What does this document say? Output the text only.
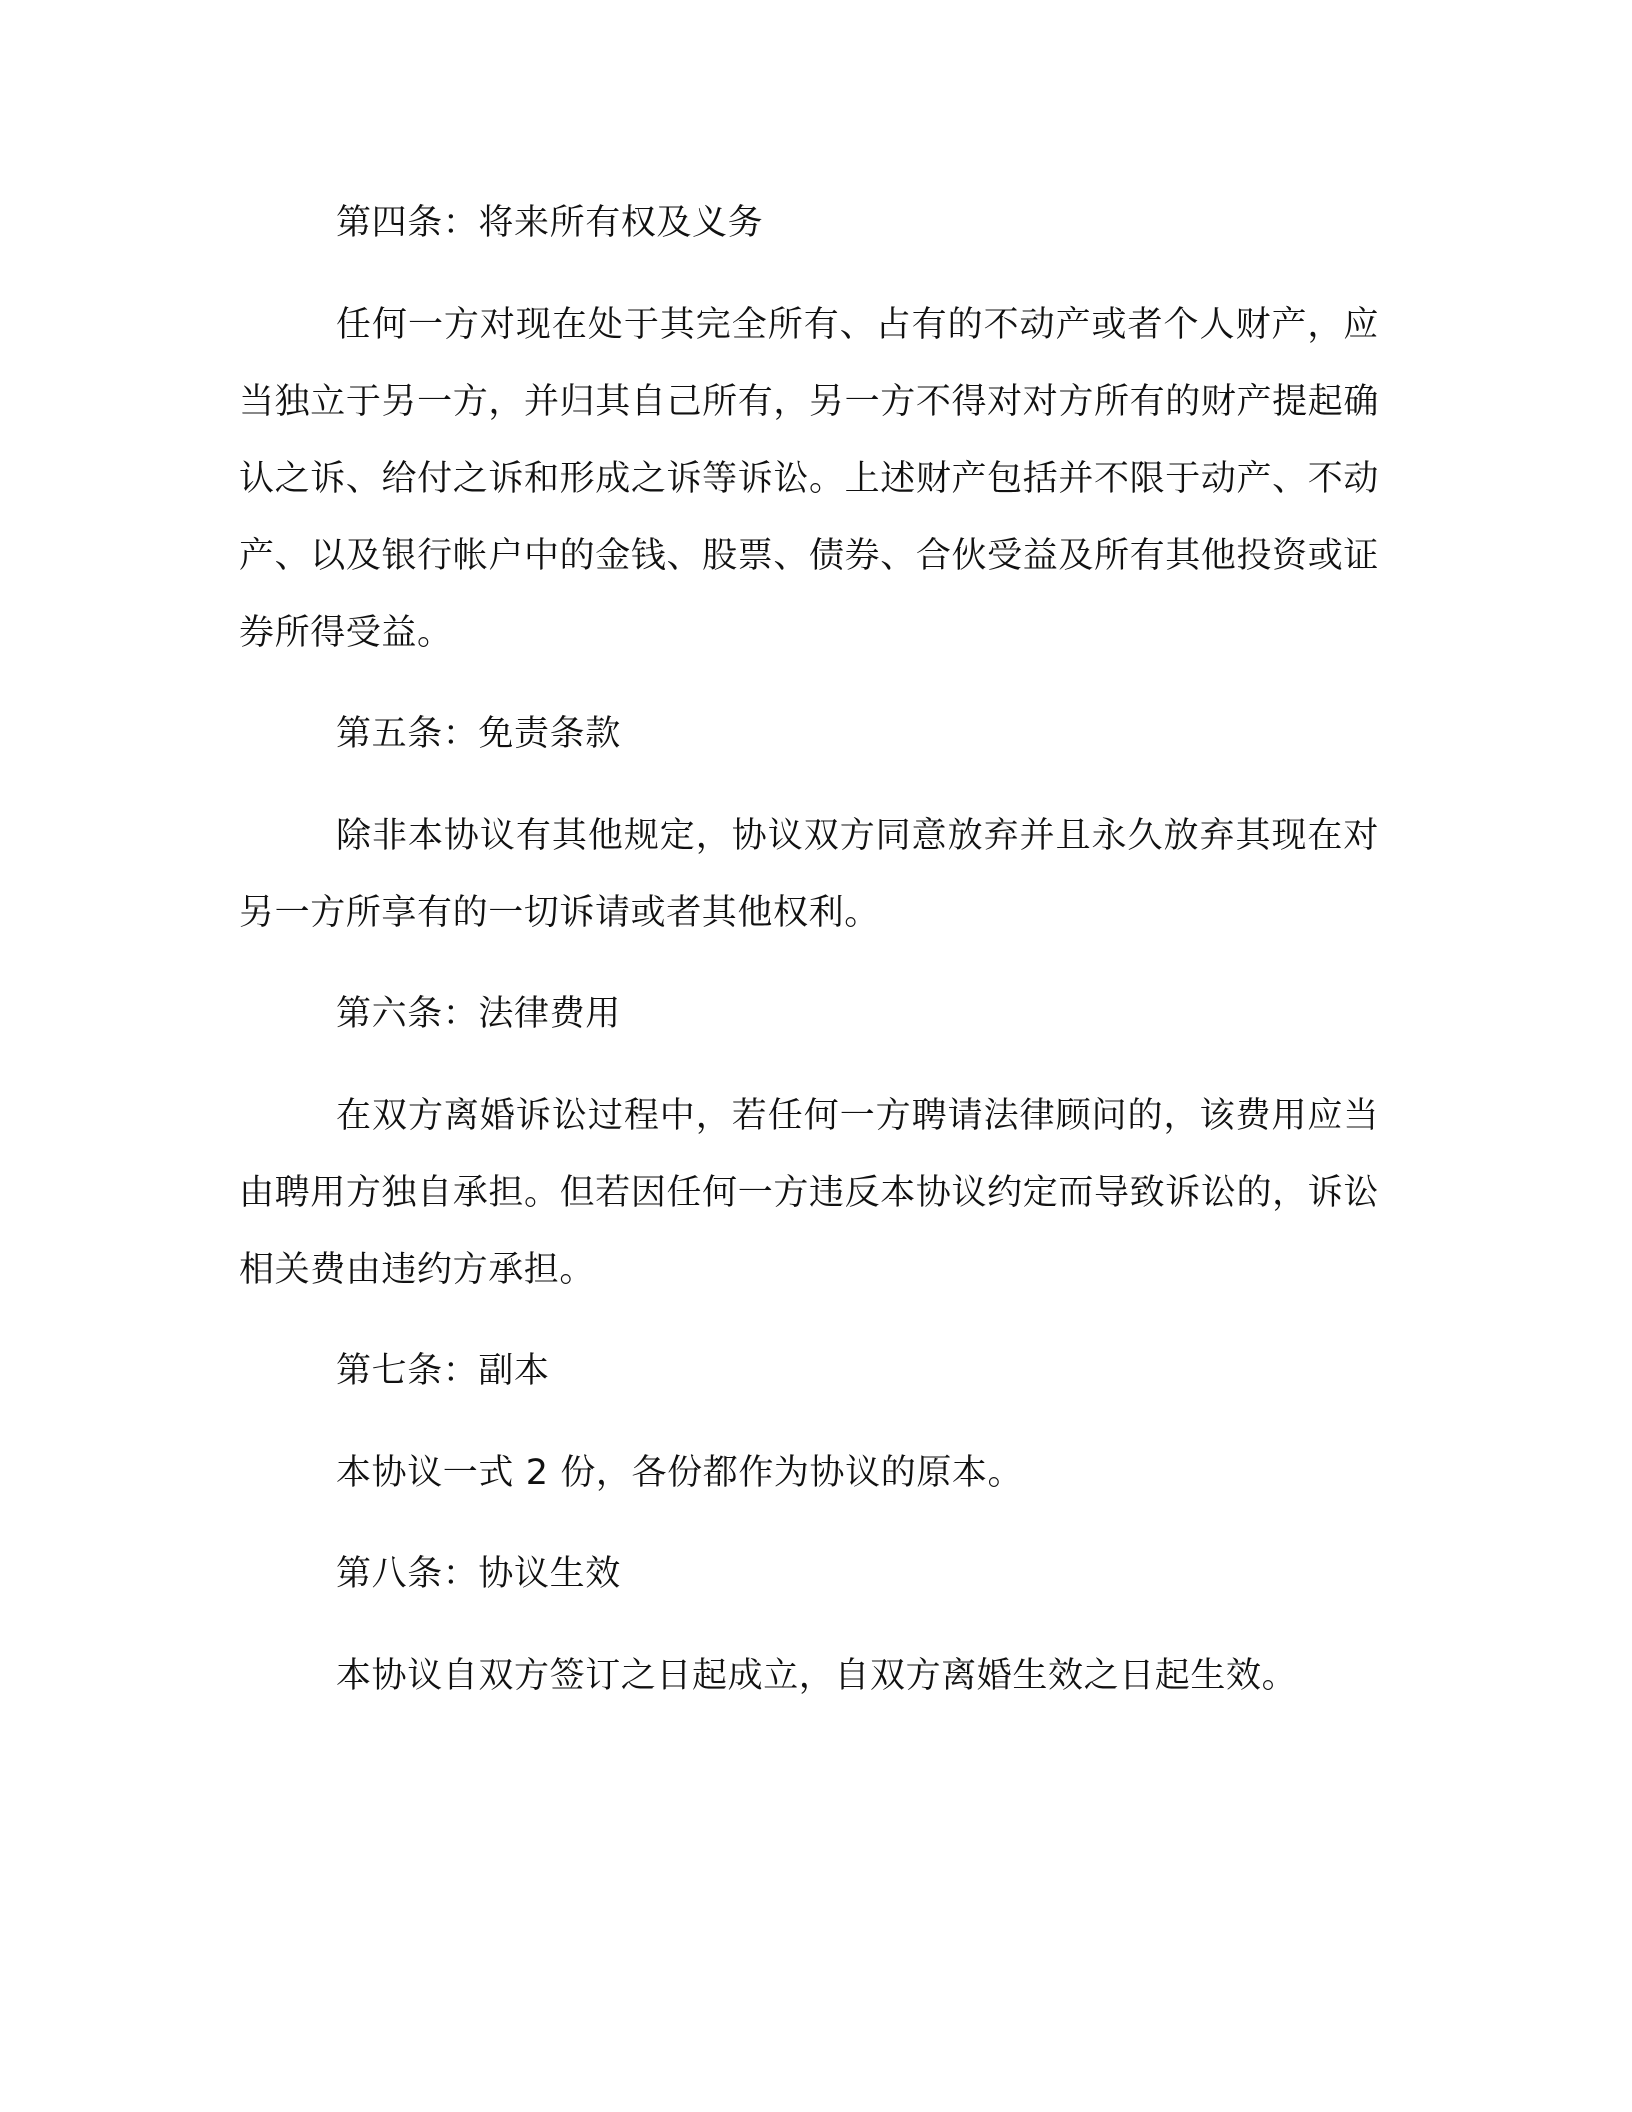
第四条：将来所有权及义务

任何一方对现在处于其完全所有、占有的不动产或者个人财产，应当独立于另一方，并归其自己所有，另一方不得对对方所有的财产提起确认之诉、给付之诉和形成之诉等诉讼。上述财产包括并不限于动产、不动产、以及银行帐户中的金钱、股票、债券、合伙受益及所有其他投资或证券所得受益。

第五条：免责条款

除非本协议有其他规定，协议双方同意放弃并且永久放弃其现在对另一方所享有的一切诉请或者其他权利。

第六条：法律费用

在双方离婚诉讼过程中，若任何一方聘请法律顾问的，该费用应当由聘用方独自承担。但若因任何一方违反本协议约定而导致诉讼的，诉讼相关费由违约方承担。

第七条：副本

本协议一式 2 份，各份都作为协议的原本。

第八条：协议生效

本协议自双方签订之日起成立，自双方离婚生效之日起生效。
